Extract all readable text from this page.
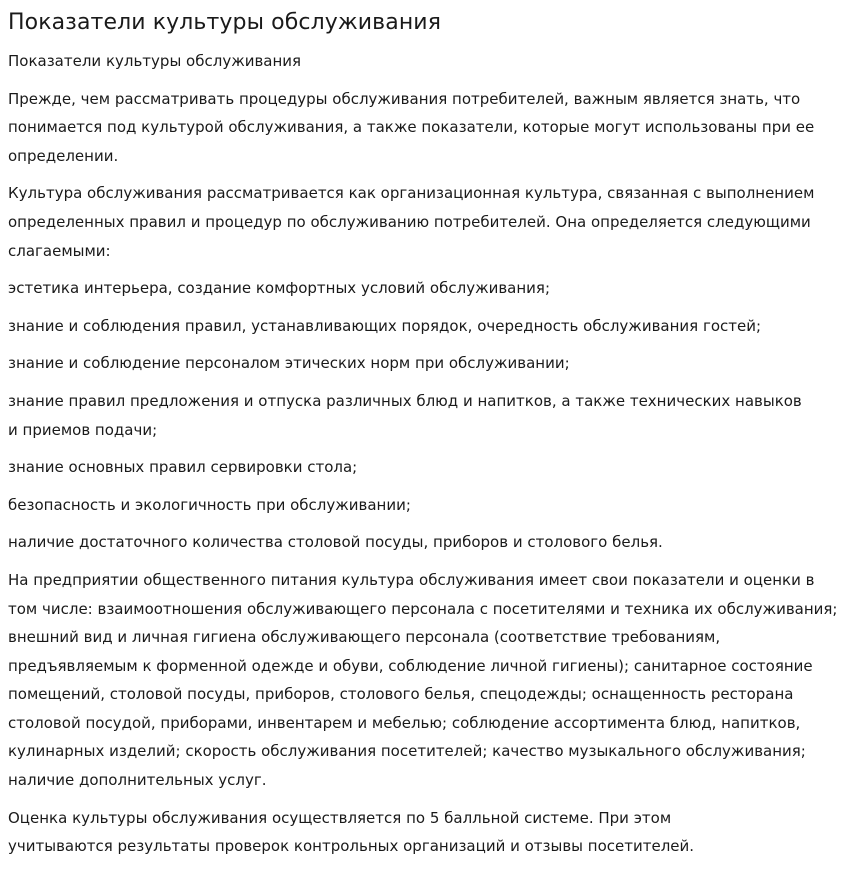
Показатели культуры обслуживания

Показатели культуры обслуживания

Прежде, чем рассматривать процедуры обслуживания потребителей, важным является знать, что понимается под культурой обслуживания, а также показатели, которые могут использованы при ее определении.

Культура обслуживания рассматривается как организационная культура, связанная с выполнением определенных правил и процедур по обслуживанию потребителей. Она определяется следующими слагаемыми:

эстетика интерьера, создание комфортных условий обслуживания;

знание и соблюдения правил, устанавливающих порядок, очередность обслуживания гостей;

знание и соблюдение персоналом этических норм при обслуживании;

знание правил предложения и отпуска различных блюд и напитков, а также технических навыков и приемов подачи;

знание основных правил сервировки стола;

безопасность и экологичность при обслуживании;

наличие достаточного количества столовой посуды, приборов и столового белья.

На предприятии общественного питания культура обслуживания имеет свои показатели и оценки в том числе: взаимоотношения обслуживающего персонала с посетителями и техника их обслуживания; внешний вид и личная гигиена обслуживающего персонала (соответствие требованиям, предъявляемым к форменной одежде и обуви, соблюдение личной гигиены); санитарное состояние помещений, столовой посуды, приборов, столового белья, спецодежды; оснащенность ресторана столовой посудой, приборами, инвентарем и мебелью; соблюдение ассортимента блюд, напитков, кулинарных изделий; скорость обслуживания посетителей; качество музыкального обслуживания; наличие дополнительных услуг.

Оценка культуры обслуживания осуществляется по 5 балльной системе. При этом учитываются результаты проверок контрольных организаций и отзывы посетителей.
